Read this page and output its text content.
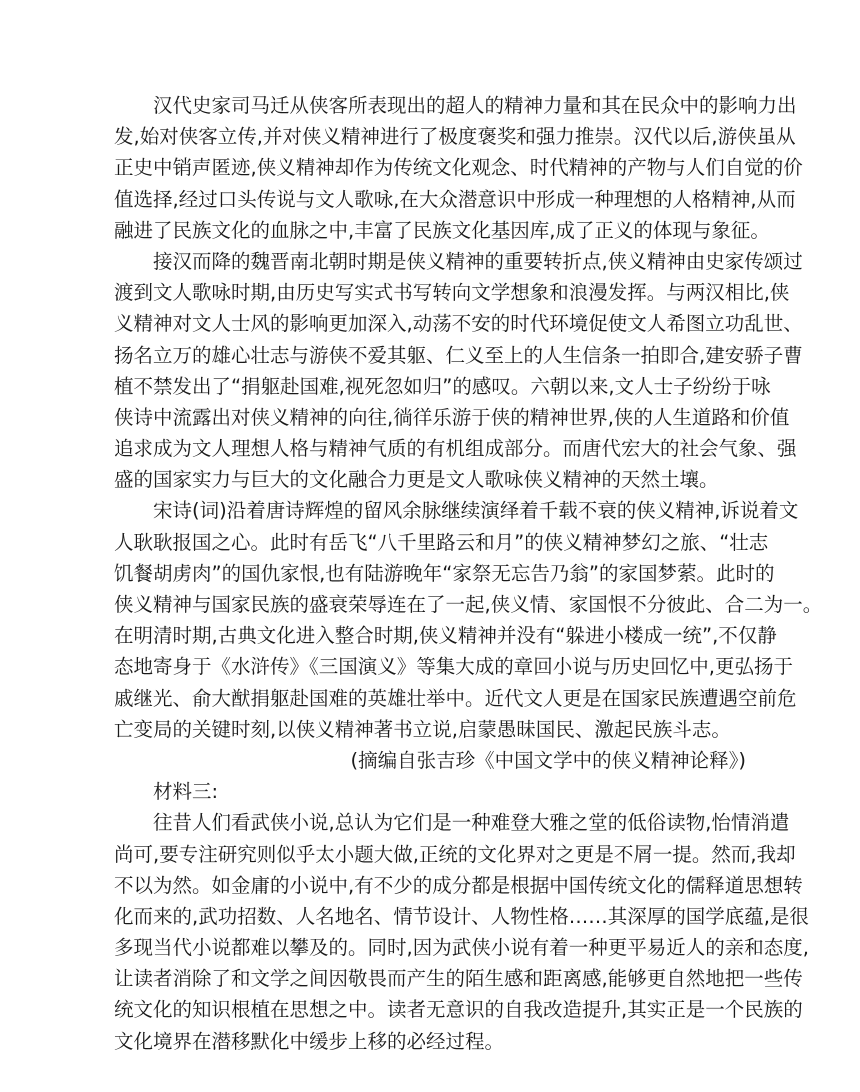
汉代史家司马迁从侠客所表现出的超人的精神力量和其在民众中的影响力出
发,始对侠客立传,并对侠义精神进行了极度褒奖和强力推崇。汉代以后,游侠虽从
正史中销声匿迹,侠义精神却作为传统文化观念、时代精神的产物与人们自觉的价
值选择,经过口头传说与文人歌咏,在大众潜意识中形成一种理想的人格精神,从而
融进了民族文化的血脉之中,丰富了民族文化基因库,成了正义的体现与象征。
接汉而降的魏晋南北朝时期是侠义精神的重要转折点,侠义精神由史家传颂过
渡到文人歌咏时期,由历史写实式书写转向文学想象和浪漫发挥。与两汉相比,侠
义精神对文人士风的影响更加深入,动荡不安的时代环境促使文人希图立功乱世、
扬名立万的雄心壮志与游侠不爱其躯、仁义至上的人生信条一拍即合,建安骄子曹
植不禁发出了“捐躯赴国难,视死忽如归”的感叹。六朝以来,文人士子纷纷于咏
侠诗中流露出对侠义精神的向往,徜徉乐游于侠的精神世界,侠的人生道路和价值
追求成为文人理想人格与精神气质的有机组成部分。而唐代宏大的社会气象、强
盛的国家实力与巨大的文化融合力更是文人歌咏侠义精神的天然土壤。
宋诗(词)沿着唐诗辉煌的留风余脉继续演绎着千载不衰的侠义精神,诉说着文
人耿耿报国之心。此时有岳飞“八千里路云和月”的侠义精神梦幻之旅、“壮志
饥餐胡虏肉”的国仇家恨,也有陆游晚年“家祭无忘告乃翁”的家国梦萦。此时的
侠义精神与国家民族的盛衰荣辱连在了一起,侠义情、家国恨不分彼此、合二为一。
在明清时期,古典文化进入整合时期,侠义精神并没有“躲进小楼成一统”,不仅静
态地寄身于《水浒传》《三国演义》等集大成的章回小说与历史回忆中,更弘扬于
戚继光、俞大猷捐躯赴国难的英雄壮举中。近代文人更是在国家民族遭遇空前危
亡变局的关键时刻,以侠义精神著书立说,启蒙愚昧国民、激起民族斗志。
(摘编自张吉珍《中国文学中的侠义精神论释》)
材料三:
往昔人们看武侠小说,总认为它们是一种难登大雅之堂的低俗读物,怡情消遣
尚可,要专注研究则似乎太小题大做,正统的文化界对之更是不屑一提。然而,我却
不以为然。如金庸的小说中,有不少的成分都是根据中国传统文化的儒释道思想转
化而来的,武功招数、人名地名、情节设计、人物性格……其深厚的国学底蕴,是很
多现当代小说都难以攀及的。同时,因为武侠小说有着一种更平易近人的亲和态度,
让读者消除了和文学之间因敬畏而产生的陌生感和距离感,能够更自然地把一些传
统文化的知识根植在思想之中。读者无意识的自我改造提升,其实正是一个民族的
文化境界在潜移默化中缓步上移的必经过程。
